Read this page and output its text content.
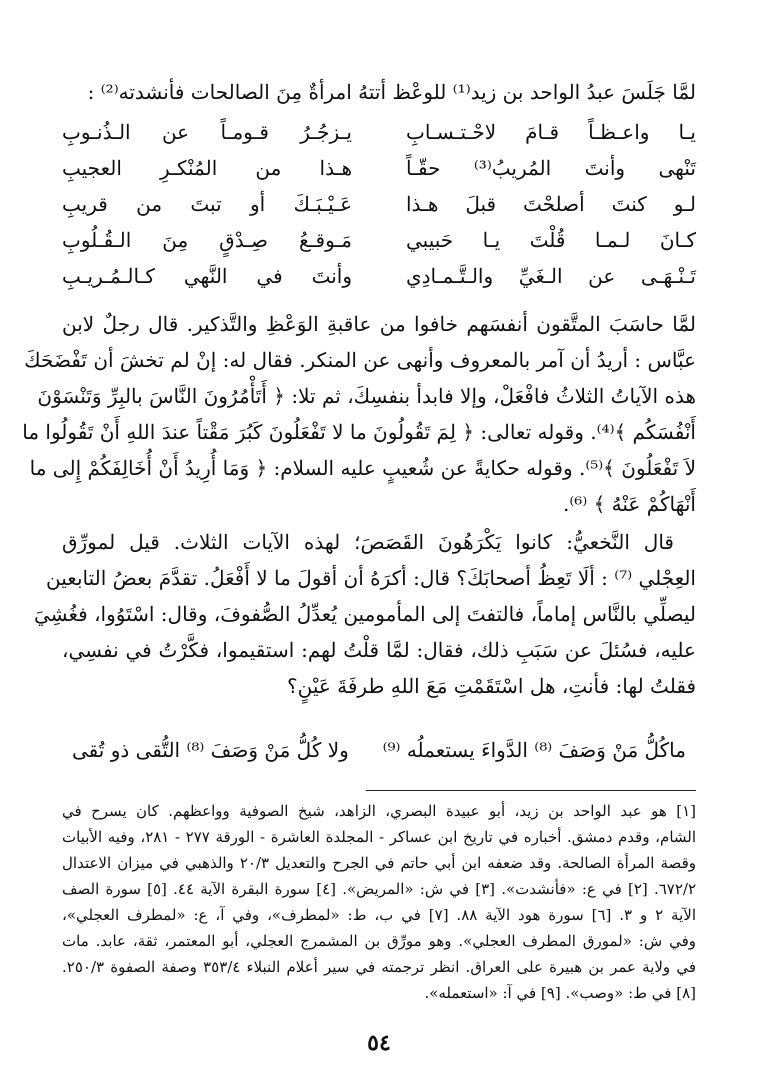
لمَّا جَلَسَ عبدُ الواحد بن زيد⁽¹⁾ للوعْظ أتتهُ امرأةٌ مِنَ الصالحات فأنشدته⁽²⁾ :
يـا واعـظـاً قـامَ لاحْـتـسـابِ
يـزجُـرُ قـومـاً عن الـذُنـوبِ
تَنْهى وأنتَ المُريبُ⁽³⁾ حقّـاً
هـذا من المُنْكـرِ العجيبِ
لـو كنتَ أصلحْتَ قبلَ هـذا
عَـيْـبَـكَ أو تبتَ من قريبِ
كـانَ لـمـا قُلْتَ يـا حَبيبي
مَـوقـعُ صِـدْقٍ مِنَ الـقُـلُوبِ
تَـنْـهَـى عن الـغَيِّ والـتَّـمـادِي
وأنتَ في النَّهي كـالـمُـريـبِ
لمَّا حاسَبَ المتَّقون أنفسَهم خافوا من عاقبةِ الوَعْظِ والتَّذكير. قال رجلٌ لابن
عبَّاس : أريدُ أن آمر بالمعروف وأنهى عن المنكر. فقال له: إنْ لم تخشَ أن تَفْضَحَكَ
هذه الآياتُ الثلاثُ فافْعَلْ، وإلا فابدأ بنفسِكَ، ثم تلا: ﴿ أَتَأْمُرُونَ النَّاسَ بالبِرِّ وَتَنْسَوْنَ
أَنْفُسَكُم ﴾⁽⁴⁾. وقوله تعالى: ﴿ لِمَ تَقُولُونَ ما لا تَفْعَلُونَ كَبُرَ مَقْتاً عندَ اللهِ أَنْ تَقُولُوا ما
لاَ تَفْعَلُونَ ﴾⁽⁵⁾. وقوله حكايةً عن شُعيبٍ عليه السلام: ﴿ وَمَا أُرِيدُ أَنْ أُخَالِفَكُمْ إِلى ما
أَنْهَاكُمْ عَنْهُ ﴾ ⁽⁶⁾.
قال النَّخعيُّ: كانوا يَكْرَهُونَ القَصَصَ؛ لهذه الآيات الثلاث. قيل لمورِّق
العِجْلي ⁽⁷⁾ : ألَا تَعِظُ أصحابَكَ؟ قال: أكرَهُ أن أقولَ ما لا أَفْعَلُ. تقدَّمَ بعضُ التابعين
ليصلِّي بالنَّاس إماماً، فالتفتَ إلى المأمومين يُعدِّلُ الصُّفوفَ، وقال: اسْتَوُوا، فغُشِيَ
عليه، فسُئلَ عن سَبَبِ ذلك، فقال: لمَّا قلْتُ لهم: استقيموا، فكَّرْتُ في نفسِي،
فقلتُ لها: فأنتِ، هل اسْتَقَمْتِ مَعَ اللهِ طرفَةَ عَيْنٍ؟
ماكُلُّ مَنْ وَصَفَ ⁽⁸⁾ الدَّواءَ يستعملُه ⁽⁹⁾
ولا كُلُّ مَنْ وَصَفَ ⁽⁸⁾ التُّقى ذو تُقى
[١] هو عبد الواحد بن زيد، أبو عبيدة البصري، الزاهد، شيخ الصوفية وواعظهم. كان يسرح في
الشام، وقدم دمشق. أخباره في تاريخ ابن عساكر - المجلدة العاشرة - الورقة ٢٧٧ - ٢٨١، وفيه الأبيات
وقصة المرأة الصالحة. وقد ضعفه ابن أبي حاتم في الجرح والتعديل ٢٠/٣ والذهبي في ميزان الاعتدال
٦٧٢/٢. [٢] في ع: «فأنشدت». [٣] في ش: «المريض». [٤] سورة البقرة الآية ٤٤. [٥] سورة الصف
الآية ٢ و ٣. [٦] سورة هود الآية ٨٨. [٧] في ب، ط: «لمطرف»، وفي آ، ع: «لمطرف العجلي»،
وفي ش: «لمورق المطرف العجلي». وهو مورِّق بن المشمرج العجلي، أبو المعتمر، ثقة، عابد. مات
في ولاية عمر بن هبيرة على العراق. انظر ترجمته في سير أعلام النبلاء ٣٥٣/٤ وصفة الصفوة ٢٥٠/٣.
[٨] في ط: «وصب». [٩] في آ: «استعمله».
٥٤
